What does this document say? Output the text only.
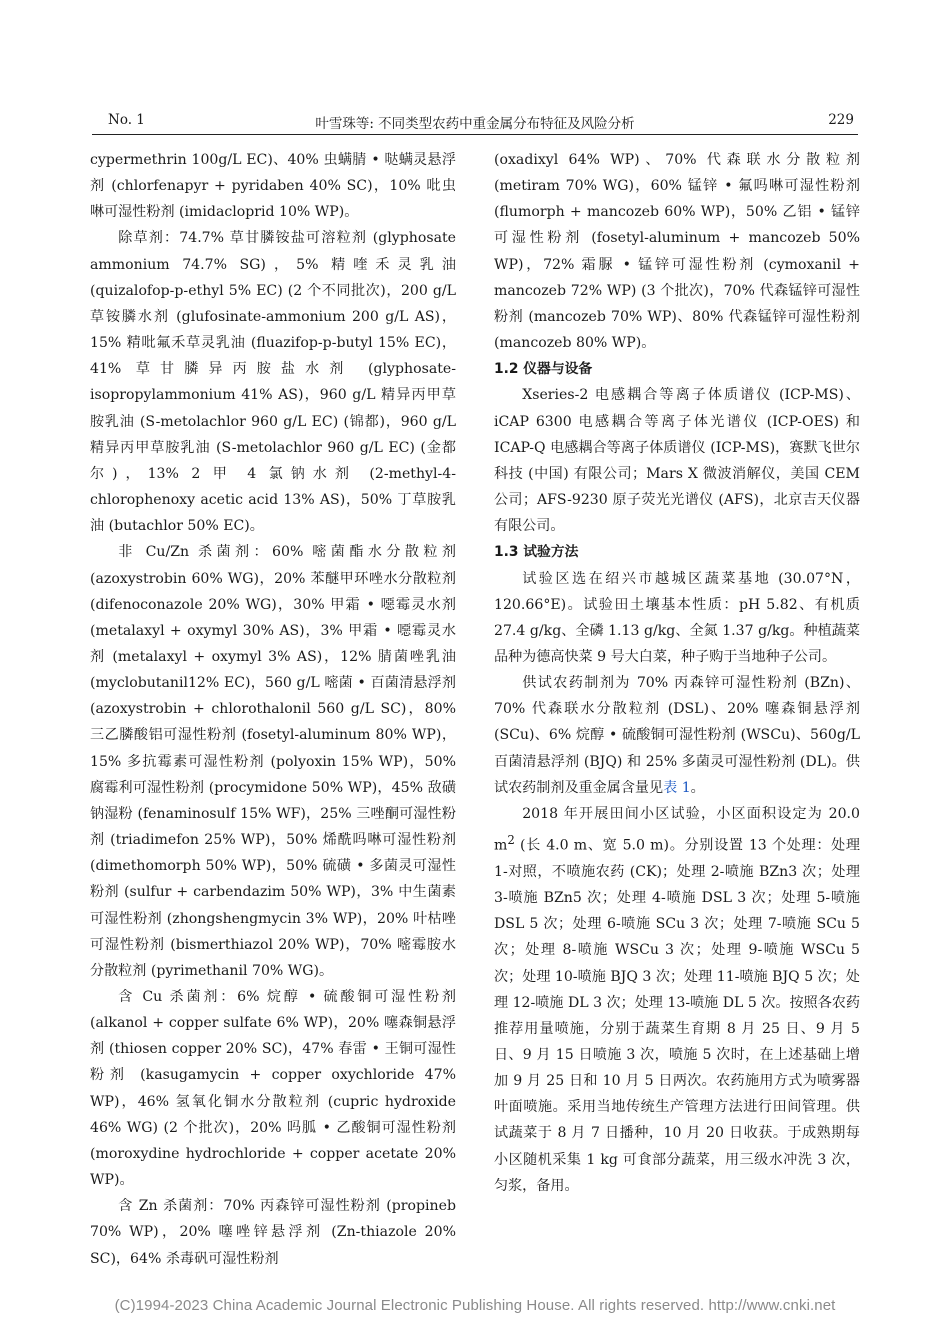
No. 1	叶雪珠等: 不同类型农药中重金属分布特征及风险分析	229

cypermethrin 100g/L EC)、40% 虫螨腈 • 哒螨灵悬浮剂 (chlorfenapyr + pyridaben 40% SC)，10% 吡虫啉可湿性粉剂 (imidacloprid 10% WP)。

除草剂：74.7% 草甘膦铵盐可溶粒剂 (glyphosate ammonium 74.7% SG)，5% 精喹禾灵乳油 (quizalofop-p-ethyl 5% EC) (2 个不同批次)，200 g/L 草铵膦水剂 (glufosinate-ammonium 200 g/L AS)，15% 精吡氟禾草灵乳油 (fluazifop-p-butyl 15% EC)，41% 草甘膦异丙胺盐水剂 (glyphosate-isopropylammonium 41% AS)，960 g/L 精异丙甲草胺乳油 (S-metolachlor 960 g/L EC) (锦都)，960 g/L 精异丙甲草胺乳油 (S-metolachlor 960 g/L EC) (金都尔)，13% 2 甲 4 氯钠水剂 (2-methyl-4-chlorophenoxy acetic acid 13% AS)，50% 丁草胺乳油 (butachlor 50% EC)。

非 Cu/Zn 杀菌剂：60% 嘧菌酯水分散粒剂 (azoxystrobin 60% WG)，20% 苯醚甲环唑水分散粒剂 (difenoconazole 20% WG)，30% 甲霜 • 噁霉灵水剂 (metalaxyl + oxymyl 30% AS)，3% 甲霜 • 噁霉灵水剂 (metalaxyl + oxymyl 3% AS)，12% 腈菌唑乳油 (myclobutanil12% EC)，560 g/L 嘧菌 • 百菌清悬浮剂 (azoxystrobin + chlorothalonil 560 g/L SC)，80% 三乙膦酸铝可湿性粉剂 (fosetyl-aluminum 80% WP)，15% 多抗霉素可湿性粉剂 (polyoxin 15% WP)，50% 腐霉利可湿性粉剂 (procymidone 50% WP)，45% 敌磺钠湿粉 (fenaminosulf 15% WF)，25% 三唑酮可湿性粉剂 (triadimefon 25% WP)，50% 烯酰吗啉可湿性粉剂 (dimethomorph 50% WP)，50% 硫磺 • 多菌灵可湿性粉剂 (sulfur + carbendazim 50% WP)，3% 中生菌素可湿性粉剂 (zhongshengmycin 3% WP)，20% 叶枯唑可湿性粉剂 (bismerthiazol 20% WP)，70% 嘧霉胺水分散粒剂 (pyrimethanil 70% WG)。

含 Cu 杀菌剂：6% 烷醇 • 硫酸铜可湿性粉剂 (alkanol + copper sulfate 6% WP)，20% 噻森铜悬浮剂 (thiosen copper 20% SC)，47% 春雷 • 王铜可湿性粉剂 (kasugamycin + copper oxychloride 47% WP)，46% 氢氧化铜水分散粒剂 (cupric hydroxide 46% WG) (2 个批次)，20% 吗胍 • 乙酸铜可湿性粉剂 (moroxydine hydrochloride + copper acetate 20% WP)。

含 Zn 杀菌剂：70% 丙森锌可湿性粉剂 (propineb 70% WP)，20% 噻唑锌悬浮剂 (Zn-thiazole 20% SC)，64% 杀毒矾可湿性粉剂

(oxadixyl 64% WP)、70% 代森联水分散粒剂 (metiram 70% WG)，60% 锰锌 • 氟吗啉可湿性粉剂 (flumorph + mancozeb 60% WP)，50% 乙铝 • 锰锌可湿性粉剂 (fosetyl-aluminum + mancozeb 50% WP)，72% 霜脲 • 锰锌可湿性粉剂 (cymoxanil + mancozeb 72% WP) (3 个批次)，70% 代森锰锌可湿性粉剂 (mancozeb 70% WP)、80% 代森锰锌可湿性粉剂 (mancozeb 80% WP)。

1.2 仪器与设备

Xseries-2 电感耦合等离子体质谱仪 (ICP-MS)、iCAP 6300 电感耦合等离子体光谱仪 (ICP-OES) 和 ICAP-Q 电感耦合等离子体质谱仪 (ICP-MS)，赛默飞世尔科技 (中国) 有限公司；Mars X 微波消解仪，美国 CEM 公司；AFS-9230 原子荧光光谱仪 (AFS)，北京吉天仪器有限公司。

1.3 试验方法

试验区选在绍兴市越城区蔬菜基地 (30.07°N，120.66°E)。试验田土壤基本性质：pH 5.82、有机质 27.4 g/kg、全磷 1.13 g/kg、全氮 1.37 g/kg。种植蔬菜品种为德高快菜 9 号大白菜，种子购于当地种子公司。

供试农药制剂为 70% 丙森锌可湿性粉剂 (BZn)、70% 代森联水分散粒剂 (DSL)、20% 噻森铜悬浮剂 (SCu)、6% 烷醇 • 硫酸铜可湿性粉剂 (WSCu)、560g/L 百菌清悬浮剂 (BJQ) 和 25% 多菌灵可湿性粉剂 (DL)。供试农药制剂及重金属含量见表 1。

2018 年开展田间小区试验，小区面积设定为 20.0 $m^2$ (长 4.0 m、宽 5.0 m)。分别设置 13 个处理：处理 1-对照，不喷施农药 (CK)；处理 2-喷施 BZn3 次；处理 3-喷施 BZn5 次；处理 4-喷施 DSL 3 次；处理 5-喷施 DSL 5 次；处理 6-喷施 SCu 3 次；处理 7-喷施 SCu 5 次；处理 8-喷施 WSCu 3 次；处理 9-喷施 WSCu 5 次；处理 10-喷施 BJQ 3 次；处理 11-喷施 BJQ 5 次；处理 12-喷施 DL 3 次；处理 13-喷施 DL 5 次。按照各农药推荐用量喷施，分别于蔬菜生育期 8 月 25 日、9 月 5 日、9 月 15 日喷施 3 次，喷施 5 次时，在上述基础上增加 9 月 25 日和 10 月 5 日两次。农药施用方式为喷雾器叶面喷施。采用当地传统生产管理方法进行田间管理。供试蔬菜于 8 月 7 日播种，10 月 20 日收获。于成熟期每小区随机采集 1 kg 可食部分蔬菜，用三级水冲洗 3 次，匀浆，备用。

(C)1994-2023 China Academic Journal Electronic Publishing House. All rights reserved. http://www.cnki.net
